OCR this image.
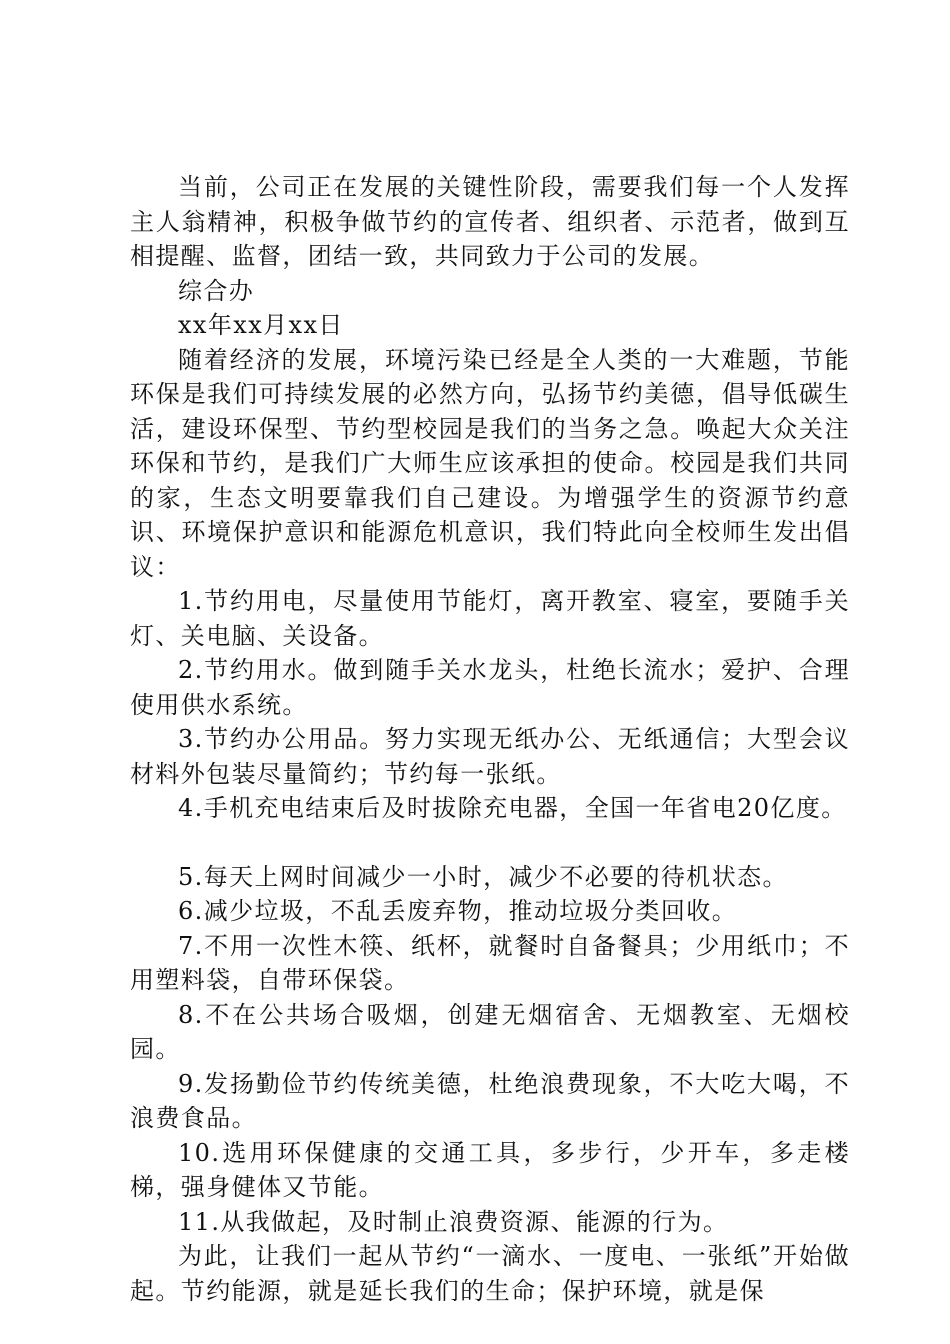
当前，公司正在发展的关键性阶段，需要我们每一个人发挥主人翁精神，积极争做节约的宣传者、组织者、示范者，做到互相提醒、监督，团结一致，共同致力于公司的发展。

综合办

xx年xx月xx日

随着经济的发展，环境污染已经是全人类的一大难题，节能环保是我们可持续发展的必然方向，弘扬节约美德，倡导低碳生活，建设环保型、节约型校园是我们的当务之急。唤起大众关注环保和节约，是我们广大师生应该承担的使命。校园是我们共同的家，生态文明要靠我们自己建设。为增强学生的资源节约意识、环境保护意识和能源危机意识，我们特此向全校师生发出倡议：

1.节约用电，尽量使用节能灯，离开教室、寝室，要随手关灯、关电脑、关设备。

2.节约用水。做到随手关水龙头，杜绝长流水；爱护、合理使用供水系统。

3.节约办公用品。努力实现无纸办公、无纸通信；大型会议材料外包装尽量简约；节约每一张纸。

4.手机充电结束后及时拔除充电器，全国一年省电20亿度。

5.每天上网时间减少一小时，减少不必要的待机状态。

6.减少垃圾，不乱丢废弃物，推动垃圾分类回收。

7.不用一次性木筷、纸杯，就餐时自备餐具；少用纸巾；不用塑料袋，自带环保袋。

8.不在公共场合吸烟，创建无烟宿舍、无烟教室、无烟校园。

9.发扬勤俭节约传统美德，杜绝浪费现象，不大吃大喝，不浪费食品。

10.选用环保健康的交通工具，多步行，少开车，多走楼梯，强身健体又节能。

11.从我做起，及时制止浪费资源、能源的行为。

为此，让我们一起从节约“一滴水、一度电、一张纸”开始做起。节约能源，就是延长我们的生命；保护环境，就是保
